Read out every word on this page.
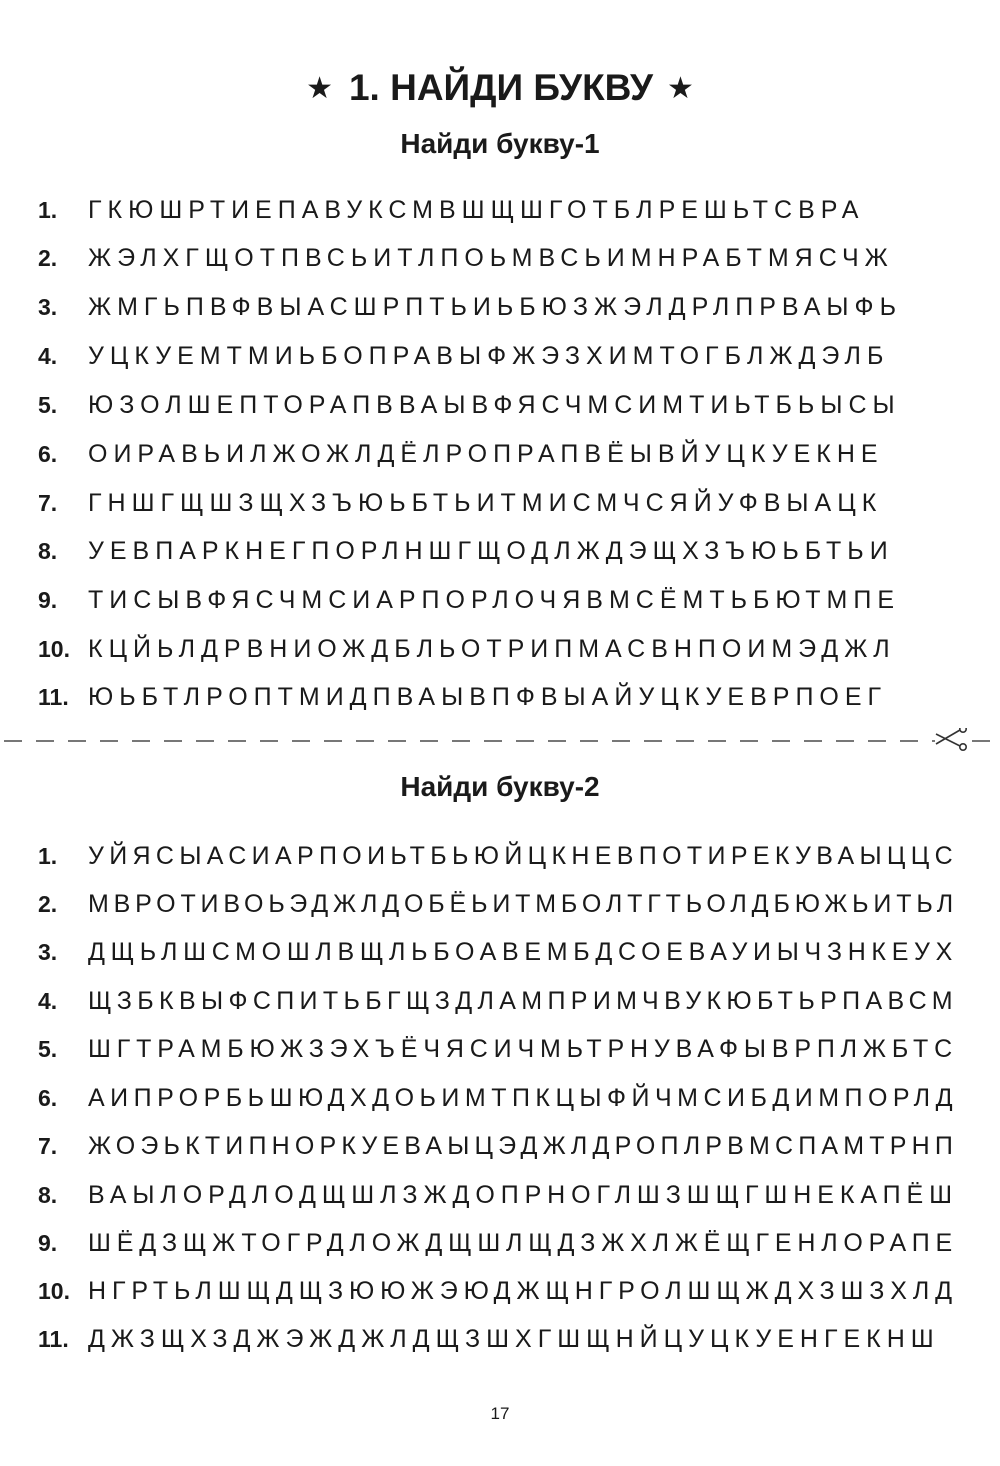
★ 1. НАЙДИ БУКВУ ★
Найди букву-1
1. ГКЮШРТИЕПАВУКСМВШЩШГОТБЛРЕШЬТСВРА
2. ЖЭЛХГЩОТПВСЬИТЛПОЬМВСЬИМНРАБТМЯСЧЖ
3. ЖМГЬПВФВЫАСШРПТЬИЬБЮЗЖЭЛДРЛПРВАЫФЬ
4. УЦКУЕМТМИЬБОПРАВЫФЖЭЗХИМТОГБЛЖДЭЛБ
5. ЮЗОЛШЕПТОРАПВВАЫВФЯСЧМСИМТИЬТБЬЫСЫ
6. ОИРАВЬИЛЖОЖЛДЁЛРОПРАПВЁЫВЙУЦКУЕКНЕ
7. ГНШГЩШЗЩХЗЪЮЬБТЬИТМИСМЧСЯЙУФВЫАЦК
8. УЕВПАРКНЕГПОРЛНШГЩОДЛЖДЭЩХЗЪЮЬБТЬИ
9. ТИСЫВФЯСЧМСИАРПОРЛОЧЯВМСЁМТЬБЮТМПЕ
10. КЦЙЬЛДРВНИОЖДБЛЬОТРИПМАСВНПОИМЭДЖЛ
11. ЮЬБТЛРОПТМИДПВАЫВПФВЫАЙУЦКУЕВРПОЕГ
Найди букву-2
1. УЙЯСЫАСИАРПОИЬТБЬЮЙЦКНЕВПОТИРЕКУВАЫЦЦС
2. МВРОТИВОЬЭДЖЛДОБЁЬИТМБОЛТГТЬОЛДБЮЖЬИТЬЛ
3. ДЩЬЛШСМОШЛВЩЛЬБОАВЕМБДСОЕВАУИЫЧЗНКЕУХ
4. ЩЗБКВЫФСПИТЬБГЩЗДЛАМПРИМЧВУКЮБТЬРПАВСМ
5. ШГТРАМБЮЖЗЭХЪЁЧЯСИЧМЬТРНУВАФЫВРПЛЖБТС
6. АИПРОРБЬШЮДХДОЬИМТПКЦЫФЙЧМСИБДИМПОРЛД
7. ЖОЭЬКТИПНОРКУЕВАЫЦЭДЖЛДРОПЛРВМСПАМТРНП
8. ВАЫЛОРДЛОДЩШЛЗЖДОПРНОГЛШЗШЩГШНЕКАПЁШ
9. ШЁДЗЩЖТОГРДЛОЖДЩШЛЩДЗЖХЛЖЁЩГЕНЛОРАПЕ
10. НГРТЬЛШЩДЩЗЮЮЖЭЮДЖЩНГРОЛШЩЖДХЗШЗХЛД
11. ДЖЗЩХЗДЖЭЖДЖЛДЩЗШХГШЩНЙЦУЦКУЕНГЕКНШ
17
